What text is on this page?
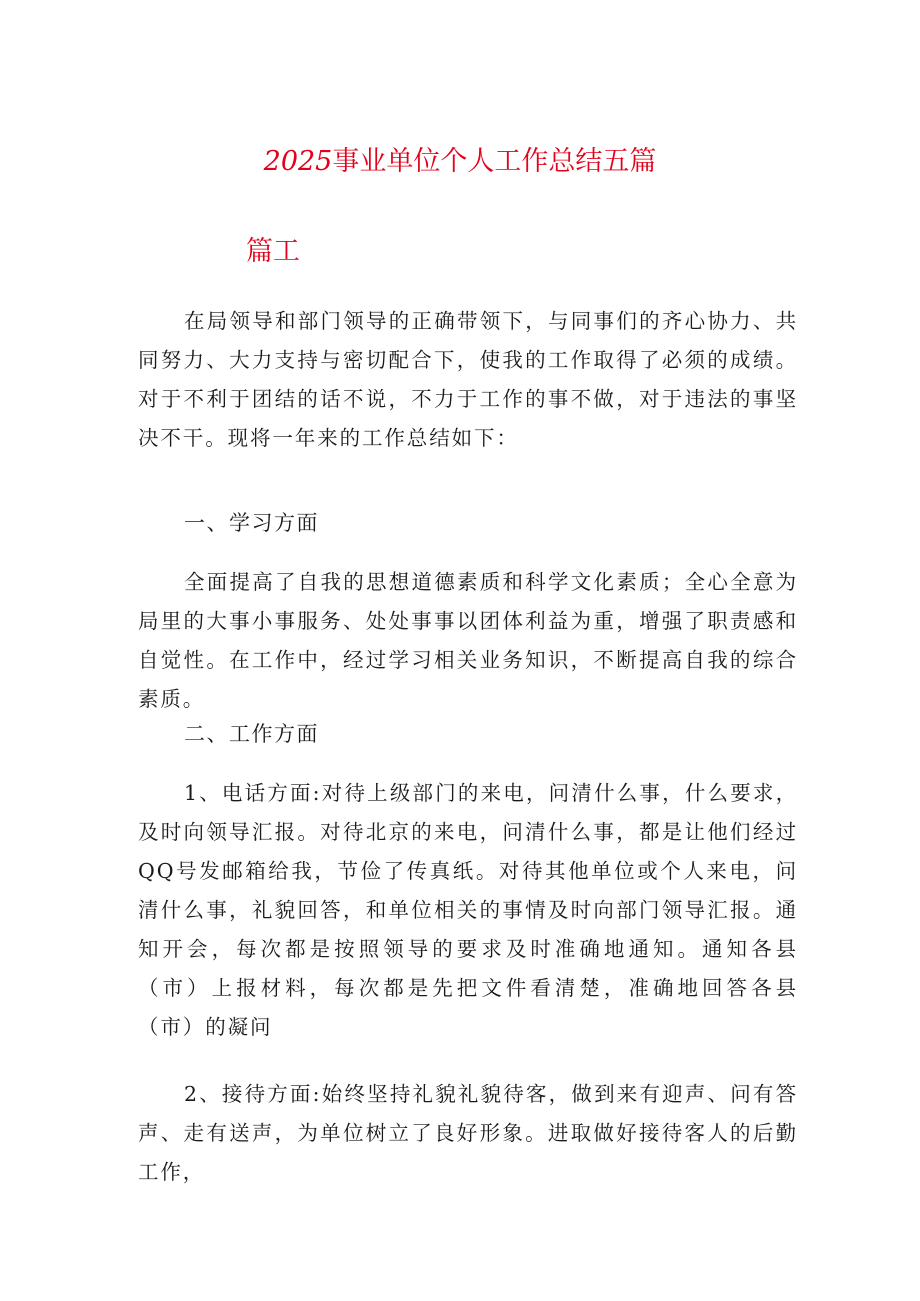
2025事业单位个人工作总结五篇
篇工

在局领导和部门领导的正确带领下，与同事们的齐心协力、共同努力、大力支持与密切配合下，使我的工作取得了必须的成绩。对于不利于团结的话不说，不力于工作的事不做，对于违法的事坚决不干。现将一年来的工作总结如下：

一、学习方面

全面提高了自我的思想道德素质和科学文化素质；全心全意为局里的大事小事服务、处处事事以团体利益为重，增强了职责感和自觉性。在工作中，经过学习相关业务知识，不断提高自我的综合素质。

二、工作方面

1、电话方面:对待上级部门的来电，问清什么事，什么要求，及时向领导汇报。对待北京的来电，问清什么事，都是让他们经过QQ号发邮箱给我，节俭了传真纸。对待其他单位或个人来电，问清什么事，礼貌回答，和单位相关的事情及时向部门领导汇报。通知开会，每次都是按照领导的要求及时准确地通知。通知各县（市）上报材料，每次都是先把文件看清楚，准确地回答各县（市）的凝问

2、接待方面:始终坚持礼貌礼貌待客，做到来有迎声、问有答声、走有送声，为单位树立了良好形象。进取做好接待客人的后勤工作，
